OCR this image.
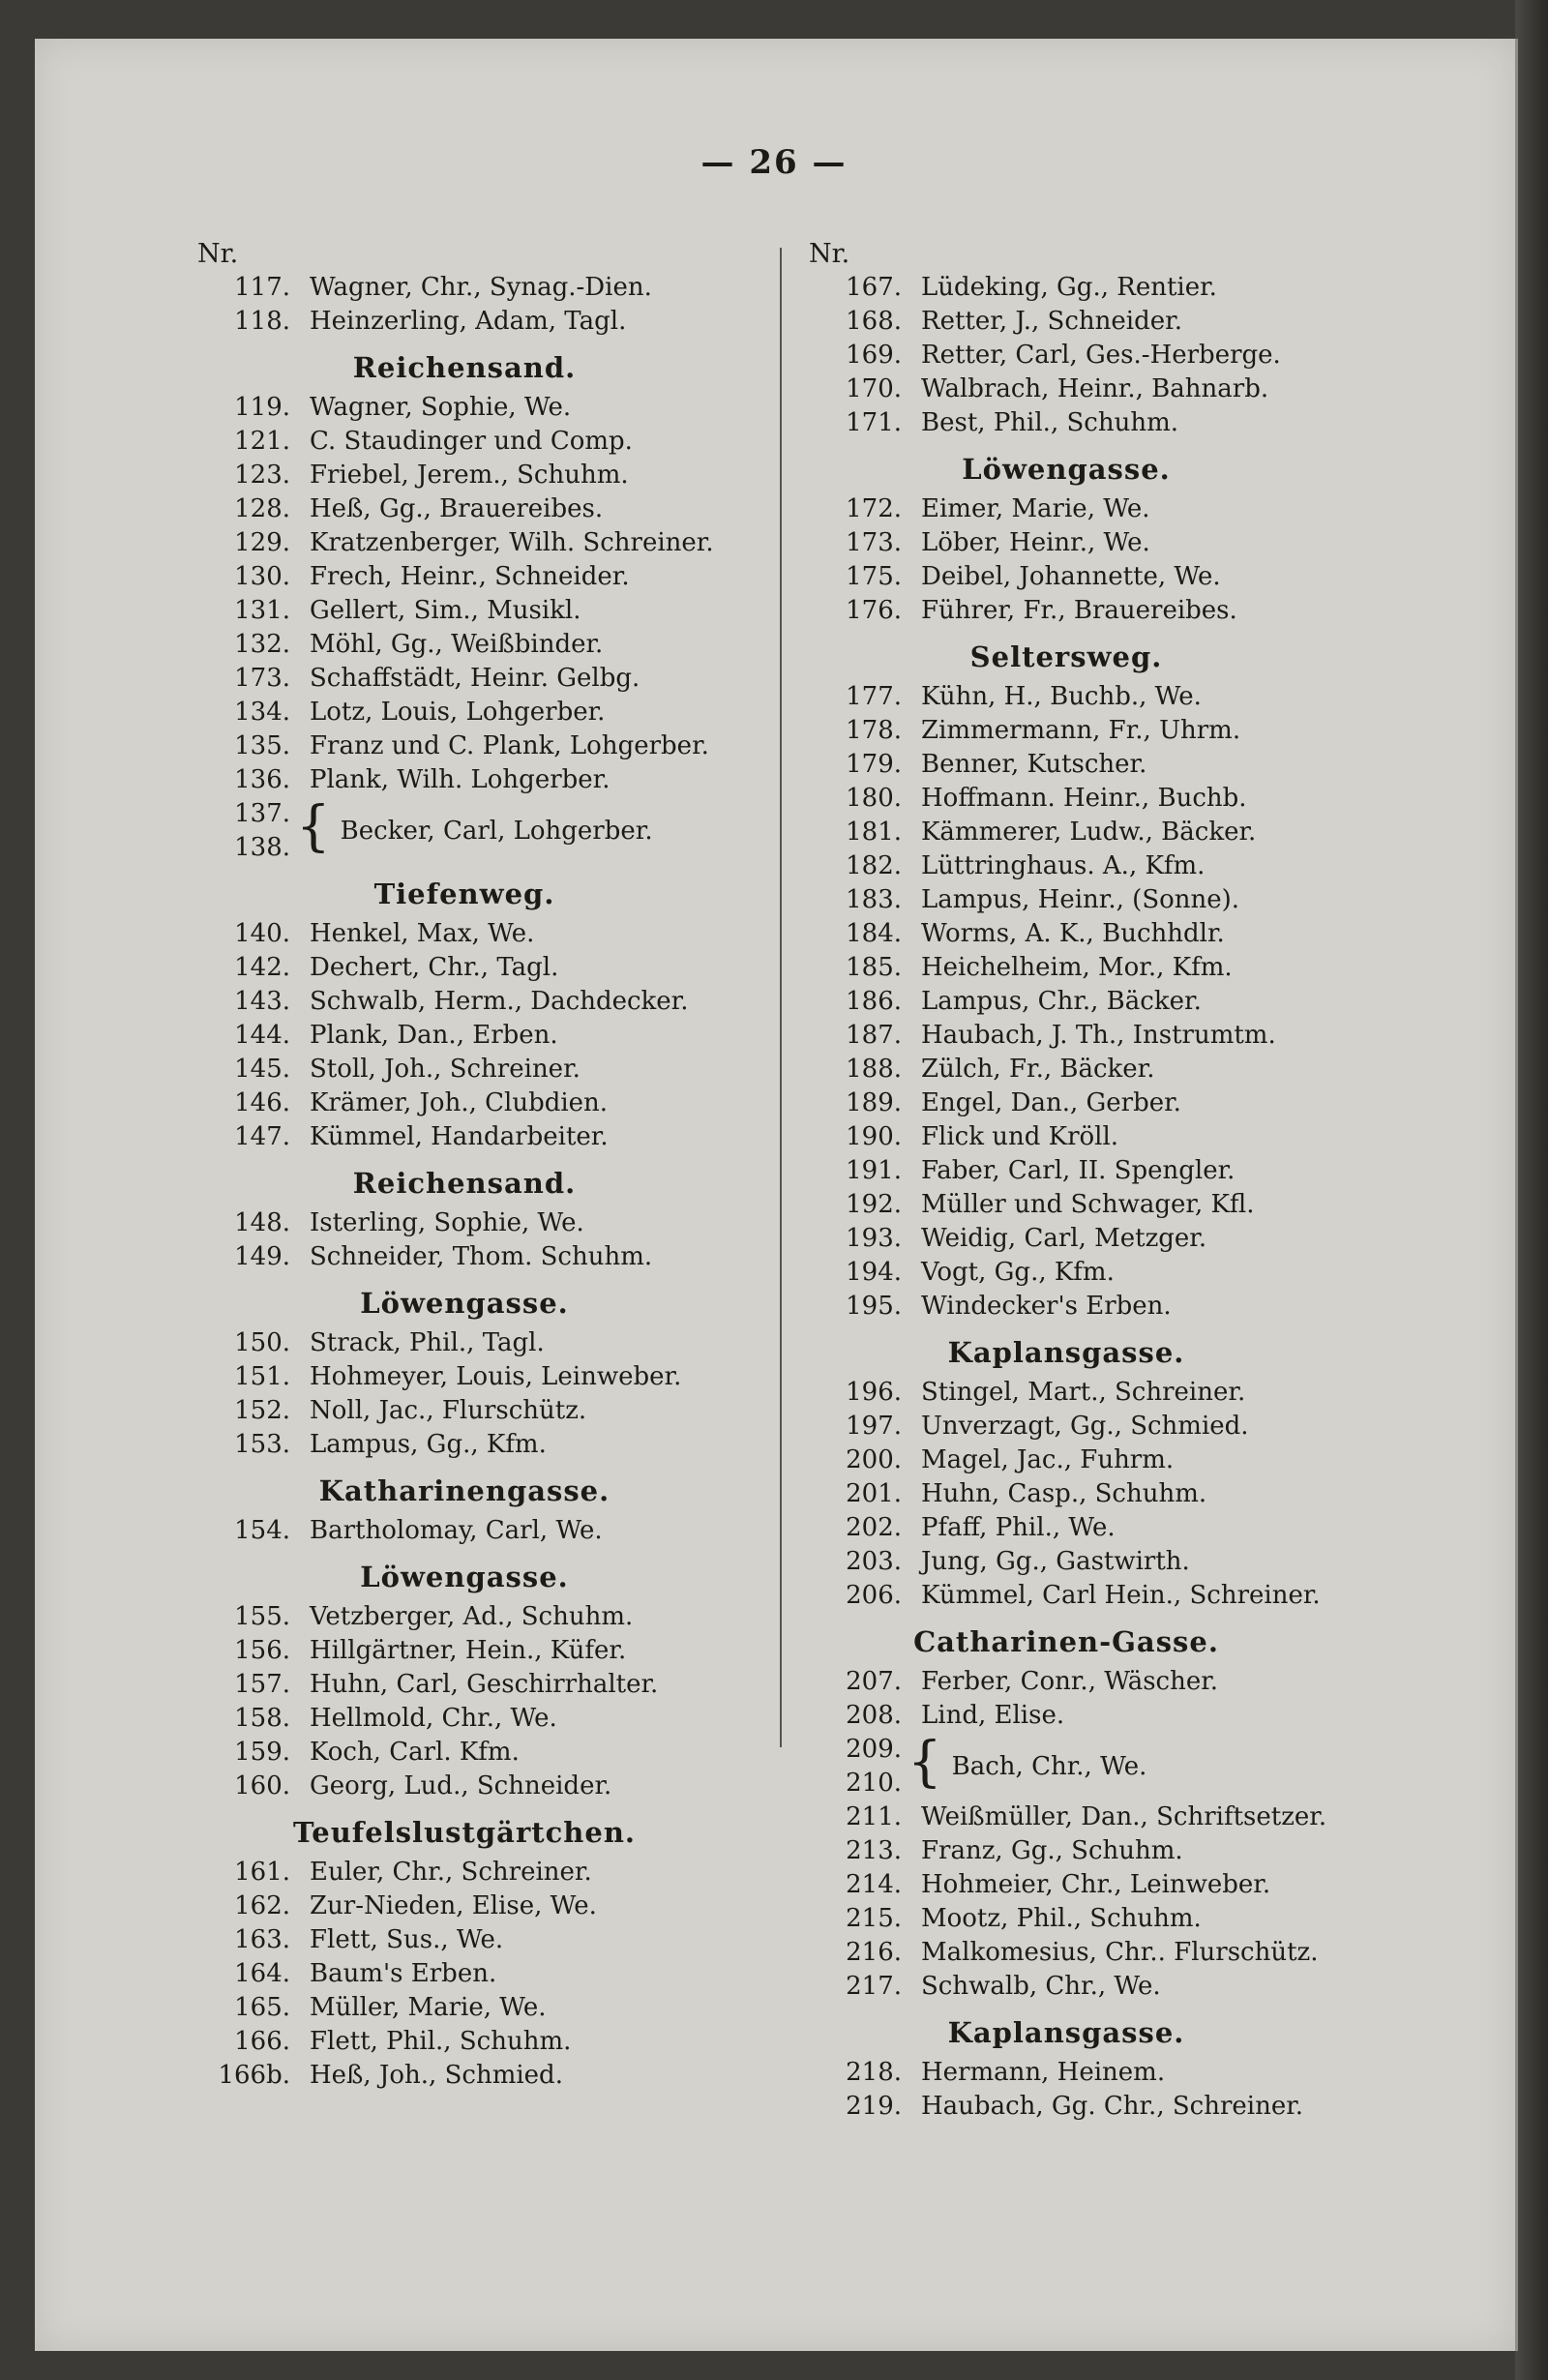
— 26 —
Nr.
117. Wagner, Chr., Synag.-Dien.
118. Heinzerling, Adam, Tagl.
Reichensand.
119. Wagner, Sophie, We.
121. C. Staudinger und Comp.
123. Friebel, Jerem., Schuhm.
128. Heß, Gg., Brauereibes.
129. Kratzenberger, Wilh. Schreiner.
130. Frech, Heinr., Schneider.
131. Gellert, Sim., Musikl.
132. Möhl, Gg., Weißbinder.
173. Schaffstädt, Heinr. Gelbg.
134. Lotz, Louis, Lohgerber.
135. Franz und C. Plank, Lohgerber.
136. Plank, Wilh. Lohgerber.
137.
138. { Becker, Carl, Lohgerber.
Tiefenweg.
140. Henkel, Max, We.
142. Dechert, Chr., Tagl.
143. Schwalb, Herm., Dachdecker.
144. Plank, Dan., Erben.
145. Stoll, Joh., Schreiner.
146. Krämer, Joh., Clubdien.
147. Kümmel, Handarbeiter.
Reichensand.
148. Isterling, Sophie, We.
149. Schneider, Thom. Schuhm.
Löwengasse.
150. Strack, Phil., Tagl.
151. Hohmeyer, Louis, Leinweber.
152. Noll, Jac., Flurschütz.
153. Lampus, Gg., Kfm.
Katharinengasse.
154. Bartholomay, Carl, We.
Löwengasse.
155. Vetzberger, Ad., Schuhm.
156. Hillgärtner, Hein., Küfer.
157. Huhn, Carl, Geschirrhalter.
158. Hellmold, Chr., We.
159. Koch, Carl. Kfm.
160. Georg, Lud., Schneider.
Teufelslustgärtchen.
161. Euler, Chr., Schreiner.
162. Zur-Nieden, Elise, We.
163. Flett, Sus., We.
164. Baum's Erben.
165. Müller, Marie, We.
166. Flett, Phil., Schuhm.
166b. Heß, Joh., Schmied.
Nr.
167. Lüdeking, Gg., Rentier.
168. Retter, J., Schneider.
169. Retter, Carl, Ges.-Herberge.
170. Walbrach, Heinr., Bahnarb.
171. Best, Phil., Schuhm.
Löwengasse.
172. Eimer, Marie, We.
173. Löber, Heinr., We.
175. Deibel, Johannette, We.
176. Führer, Fr., Brauereibes.
Seltersweg.
177. Kühn, H., Buchb., We.
178. Zimmermann, Fr., Uhrm.
179. Benner, Kutscher.
180. Hoffmann. Heinr., Buchb.
181. Kämmerer, Ludw., Bäcker.
182. Lüttringhaus. A., Kfm.
183. Lampus, Heinr., (Sonne).
184. Worms, A. K., Buchhdlr.
185. Heichelheim, Mor., Kfm.
186. Lampus, Chr., Bäcker.
187. Haubach, J. Th., Instrumtm.
188. Zülch, Fr., Bäcker.
189. Engel, Dan., Gerber.
190. Flick und Kröll.
191. Faber, Carl, II. Spengler.
192. Müller und Schwager, Kfl.
193. Weidig, Carl, Metzger.
194. Vogt, Gg., Kfm.
195. Windecker's Erben.
Kaplansgasse.
196. Stingel, Mart., Schreiner.
197. Unverzagt, Gg., Schmied.
200. Magel, Jac., Fuhrm.
201. Huhn, Casp., Schuhm.
202. Pfaff, Phil., We.
203. Jung, Gg., Gastwirth.
206. Kümmel, Carl Hein., Schreiner.
Catharinen-Gasse.
207. Ferber, Conr., Wäscher.
208. Lind, Elise.
209.
210. { Bach, Chr., We.
211. Weißmüller, Dan., Schriftsetzer.
213. Franz, Gg., Schuhm.
214. Hohmeier, Chr., Leinweber.
215. Mootz, Phil., Schuhm.
216. Malkomesius, Chr.. Flurschütz.
217. Schwalb, Chr., We.
Kaplansgasse.
218. Hermann, Heinem.
219. Haubach, Gg. Chr., Schreiner.
